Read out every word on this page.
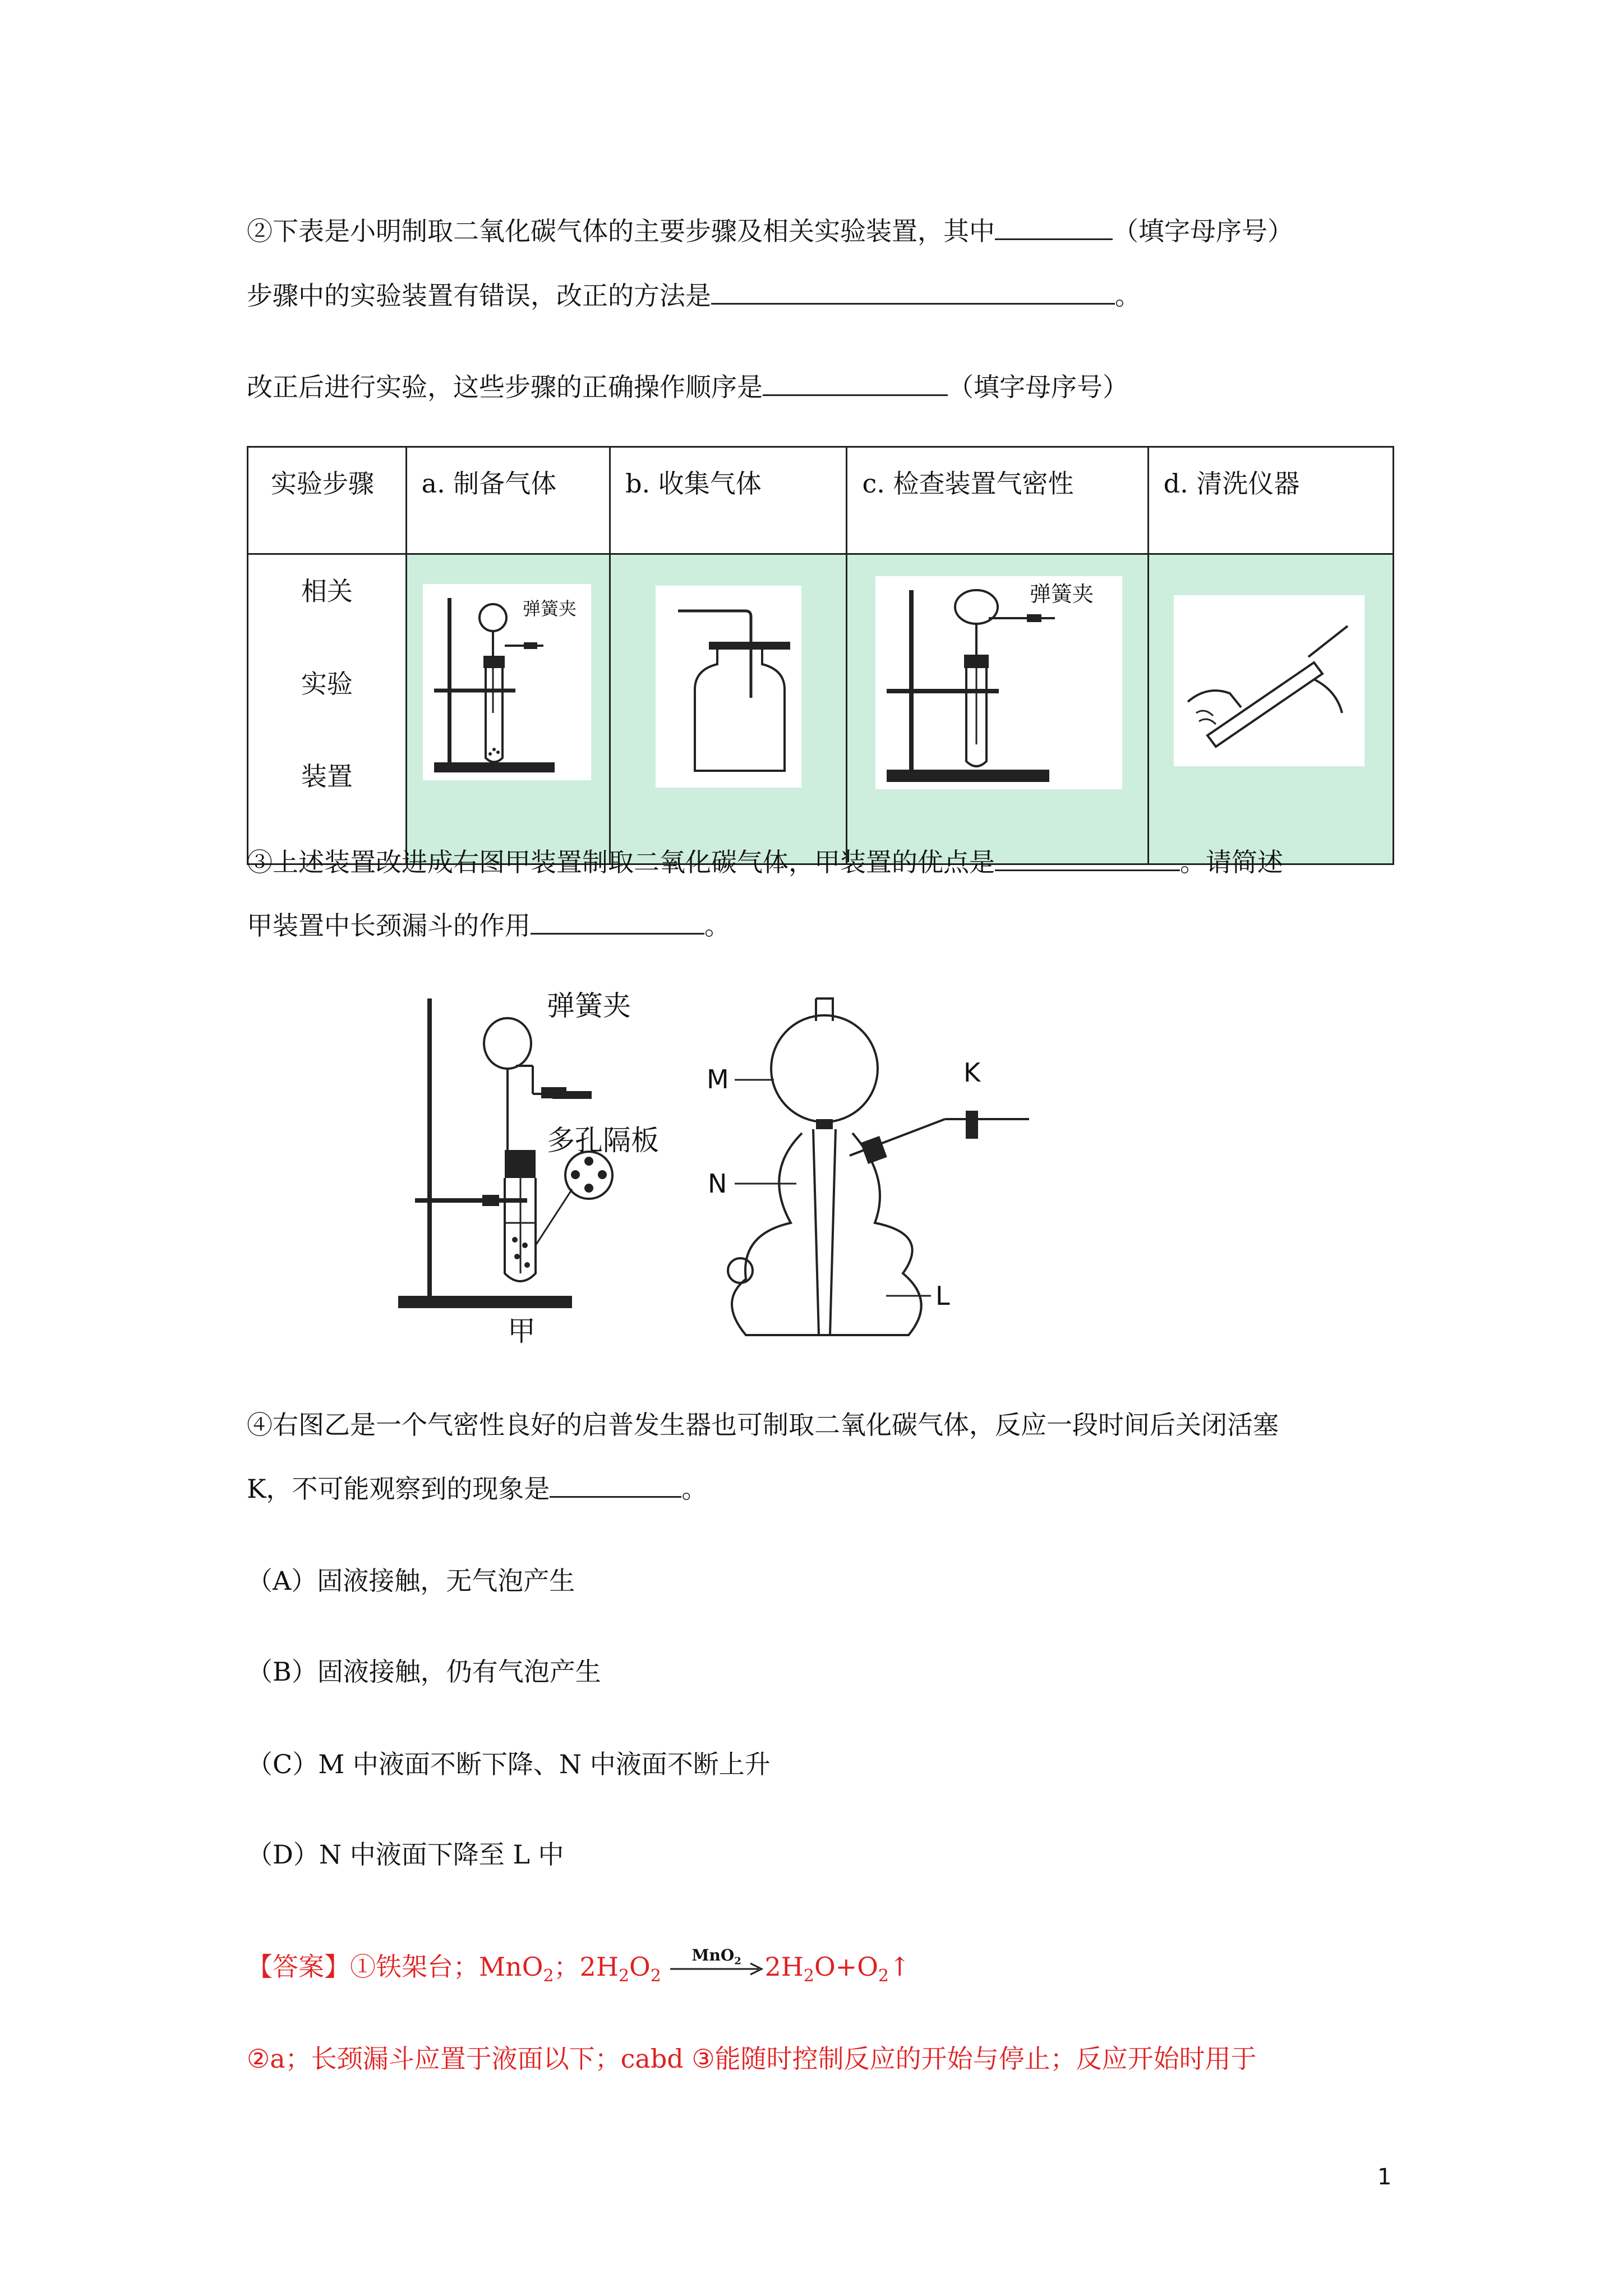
②下表是小明制取二氧化碳气体的主要步骤及相关实验装置，其中	（填字母序号）

步骤中的实验装置有错误，改正的方法是	。

改正后进行实验，这些步骤的正确操作顺序是	（填字母序号）

实验步骤	a. 制备气体	b. 收集气体	c. 检查装置气密性	d. 清洗仪器

相关
实验
装置	弹簧夹		弹簧夹

③上述装置改进成右图甲装置制取二氧化碳气体，甲装置的优点是	。请简述

甲装置中长颈漏斗的作用	。

弹簧夹
多孔隔板
甲
M
N
K
L

④右图乙是一个气密性良好的启普发生器也可制取二氧化碳气体，反应一段时间后关闭活塞

K，不可能观察到的现象是	。

（A）固液接触，无气泡产生

（B）固液接触，仍有气泡产生

（C）M 中液面不断下降、N 中液面不断上升

（D）N 中液面下降至 L 中

【答案】①铁架台；MnO$_2$；$2H_2O_2$
MnO$_2$ $2H_2O+O_2↑$

②a；长颈漏斗应置于液面以下；cabd ③能随时控制反应的开始与停止；反应开始时用于

1
